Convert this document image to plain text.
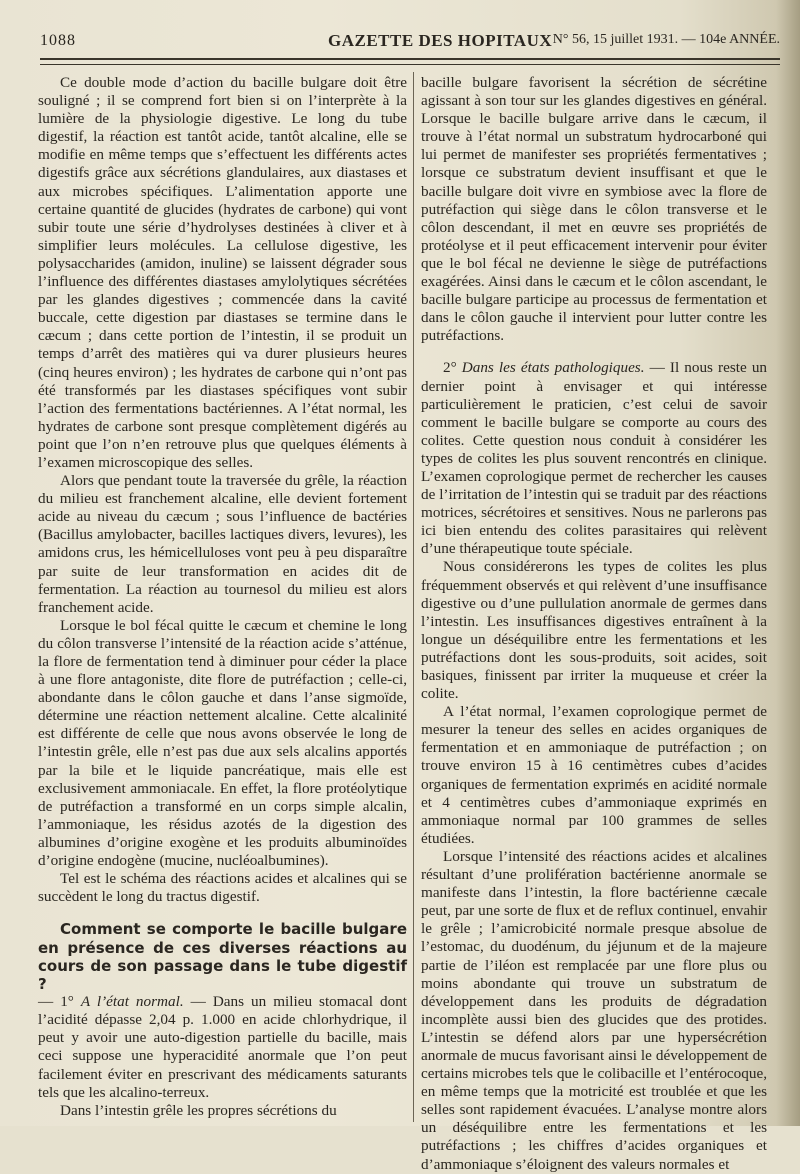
1088	GAZETTE DES HOPITAUX N° 56, 15 juillet 1931. — 104e ANNÉE.

Ce double mode d’action du bacille bulgare doit être souligné ; il se comprend fort bien si on l’interprète à la lumière de la physiologie digestive. Le long du tube digestif, la réaction est tantôt acide, tantôt alcaline, elle se modifie en même temps que s’effectuent les différents actes digestifs grâce aux sécrétions glandulaires, aux diastases et aux microbes spécifiques. L’alimentation apporte une certaine quantité de glucides (hydrates de carbone) qui vont subir toute une série d’hydrolyses destinées à cliver et à simplifier leurs molécules. La cellulose digestive, les polysaccharides (amidon, inuline) se laissent dégrader sous l’influence des différentes diastases amylolytiques sécrétées par les glandes digestives ; commencée dans la cavité buccale, cette digestion par diastases se termine dans le cæcum ; dans cette portion de l’intestin, il se produit un temps d’arrêt des matières qui va durer plusieurs heures (cinq heures environ) ; les hydrates de carbone qui n’ont pas été transformés par les diastases spécifiques vont subir l’action des fermentations bactériennes. A l’état normal, les hydrates de carbone sont presque complètement digérés au point que l’on n’en retrouve plus que quelques éléments à l’examen microscopique des selles.

Alors que pendant toute la traversée du grêle, la réaction du milieu est franchement alcaline, elle devient fortement acide au niveau du cæcum ; sous l’influence de bactéries (Bacillus amylobacter, bacilles lactiques divers, levures), les amidons crus, les hémicelluloses vont peu à peu disparaître par suite de leur transformation en acides dit de fermentation. La réaction au tournesol du milieu est alors franchement acide.

Lorsque le bol fécal quitte le cæcum et chemine le long du côlon transverse l’intensité de la réaction acide s’atténue, la flore de fermentation tend à diminuer pour céder la place à une flore antagoniste, dite flore de putréfaction ; celle-ci, abondante dans le côlon gauche et dans l’anse sigmoïde, détermine une réaction nettement alcaline. Cette alcalinité est différente de celle que nous avons observée le long de l’intestin grêle, elle n’est pas due aux sels alcalins apportés par la bile et le liquide pancréatique, mais elle est exclusivement ammoniacale. En effet, la flore protéolytique de putréfaction a transformé en un corps simple alcalin, l’ammoniaque, les résidus azotés de la digestion des albumines d’origine exogène et les produits albuminoïdes d’origine endogène (mucine, nucléoalbumines).

Tel est le schéma des réactions acides et alcalines qui se succèdent le long du tractus digestif.

Comment se comporte le bacille bulgare en présence de ces diverses réactions au cours de son passage dans le tube digestif ?

— 1° A l’état normal. — Dans un milieu stomacal dont l’acidité dépasse 2,04 p. 1.000 en acide chlorhydrique, il peut y avoir une auto-digestion partielle du bacille, mais ceci suppose une hyperacidité anormale que l’on peut facilement éviter en prescrivant des médicaments saturants tels que les alcalino-terreux.

Dans l’intestin grêle les propres sécrétions du

bacille bulgare favorisent la sécrétion de sécrétine agissant à son tour sur les glandes digestives en général. Lorsque le bacille bulgare arrive dans le cæcum, il trouve à l’état normal un substratum hydrocarboné qui lui permet de manifester ses propriétés fermentatives ; lorsque ce substratum devient insuffisant et que le bacille bulgare doit vivre en symbiose avec la flore de putréfaction qui siège dans le côlon transverse et le côlon descendant, il met en œuvre ses propriétés de protéolyse et il peut efficacement intervenir pour éviter que le bol fécal ne devienne le siège de putréfactions exagérées. Ainsi dans le cæcum et le côlon ascendant, le bacille bulgare participe au processus de fermentation et dans le côlon gauche il intervient pour lutter contre les putréfactions.

2° Dans les états pathologiques. — Il nous reste un dernier point à envisager et qui intéresse particulièrement le praticien, c’est celui de savoir comment le bacille bulgare se comporte au cours des colites. Cette question nous conduit à considérer les types de colites les plus souvent rencontrés en clinique. L’examen coprologique permet de rechercher les causes de l’irritation de l’intestin qui se traduit par des réactions motrices, sécrétoires et sensitives. Nous ne parlerons pas ici bien entendu des colites parasitaires qui relèvent d’une thérapeutique toute spéciale.

Nous considérerons les types de colites les plus fréquemment observés et qui relèvent d’une insuffisance digestive ou d’une pullulation anormale de germes dans l’intestin. Les insuffisances digestives entraînent à la longue un déséquilibre entre les fermentations et les putréfactions dont les sous-produits, soit acides, soit basiques, finissent par irriter la muqueuse et créer la colite.

A l’état normal, l’examen coprologique permet de mesurer la teneur des selles en acides organiques de fermentation et en ammoniaque de putréfaction ; on trouve environ 15 à 16 centimètres cubes d’acides organiques de fermentation exprimés en acidité normale et 4 centimètres cubes d’ammoniaque exprimés en ammoniaque normal par 100 grammes de selles étudiées.

Lorsque l’intensité des réactions acides et alcalines résultant d’une prolifération bactérienne anormale se manifeste dans l’intestin, la flore bactérienne cæcale peut, par une sorte de flux et de reflux continuel, envahir le grêle ; l’amicrobicité normale presque absolue de l’estomac, du duodénum, du jéjunum et de la majeure partie de l’iléon est remplacée par une flore plus ou moins abondante qui trouve un substratum de développement dans les produits de dégradation incomplète aussi bien des glucides que des protides. L’intestin se défend alors par une hypersécrétion anormale de mucus favorisant ainsi le développement de certains microbes tels que le colibacille et l’entérocoque, en même temps que la motricité est troublée et que les selles sont rapidement évacuées. L’analyse montre alors un déséquilibre entre les fermentations et les putréfactions ; les chiffres d’acides organiques et d’ammoniaque s’éloignent des valeurs normales et
